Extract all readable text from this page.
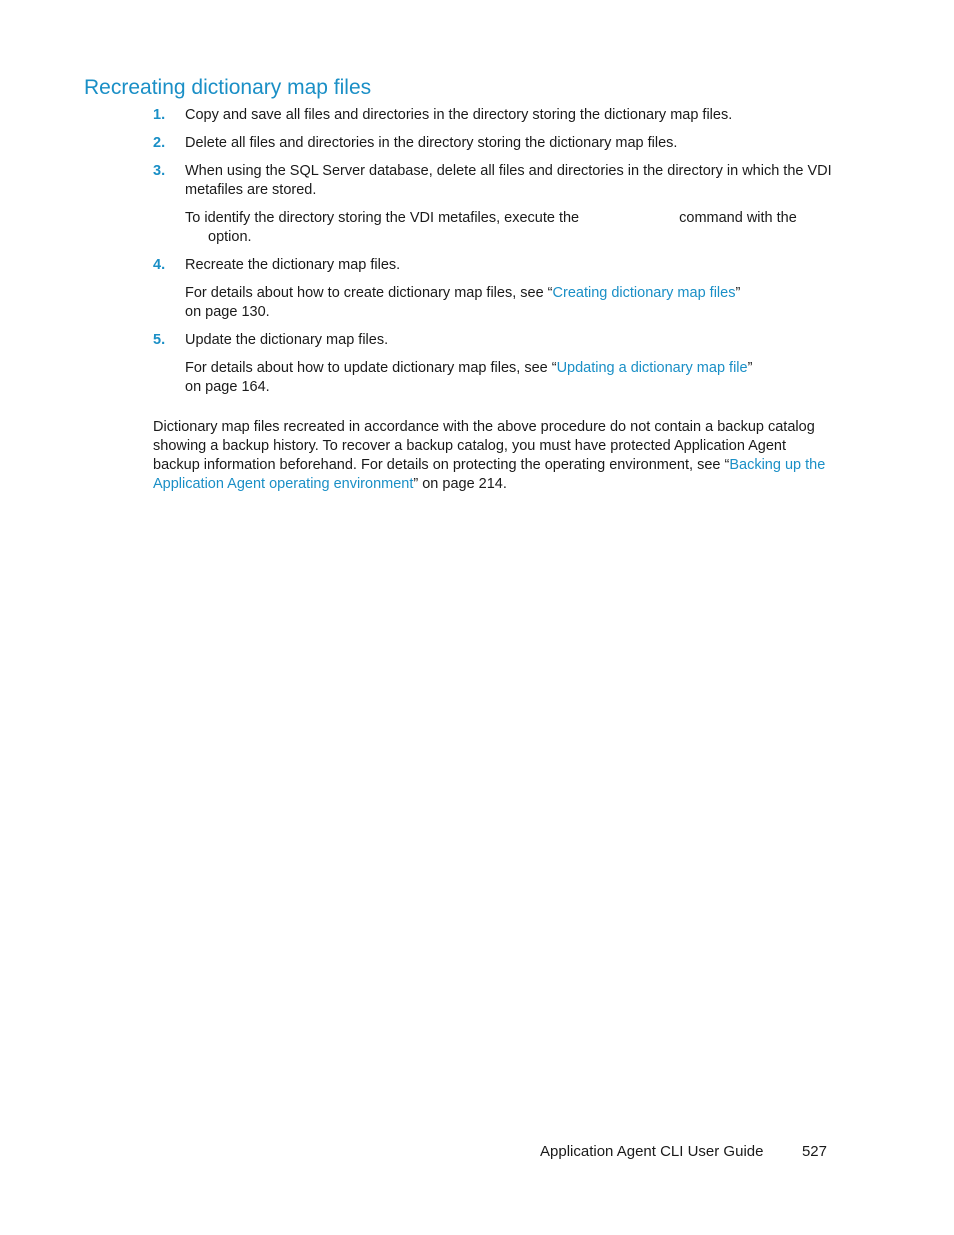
Recreating dictionary map files
1. Copy and save all files and directories in the directory storing the dictionary map files.
2. Delete all files and directories in the directory storing the dictionary map files.
3. When using the SQL Server database, delete all files and directories in the directory in which the VDI metafiles are stored.
To identify the directory storing the VDI metafiles, execute the	command with the
option.
4. Recreate the dictionary map files.
For details about how to create dictionary map files, see “Creating dictionary map files” on page 130.
5. Update the dictionary map files.
For details about how to update dictionary map files, see “Updating a dictionary map file” on page 164.

Dictionary map files recreated in accordance with the above procedure do not contain a backup catalog showing a backup history. To recover a backup catalog, you must have protected Application Agent backup information beforehand. For details on protecting the operating environment, see “Backing up the Application Agent operating environment” on page 214.

Application Agent CLI User Guide	527
